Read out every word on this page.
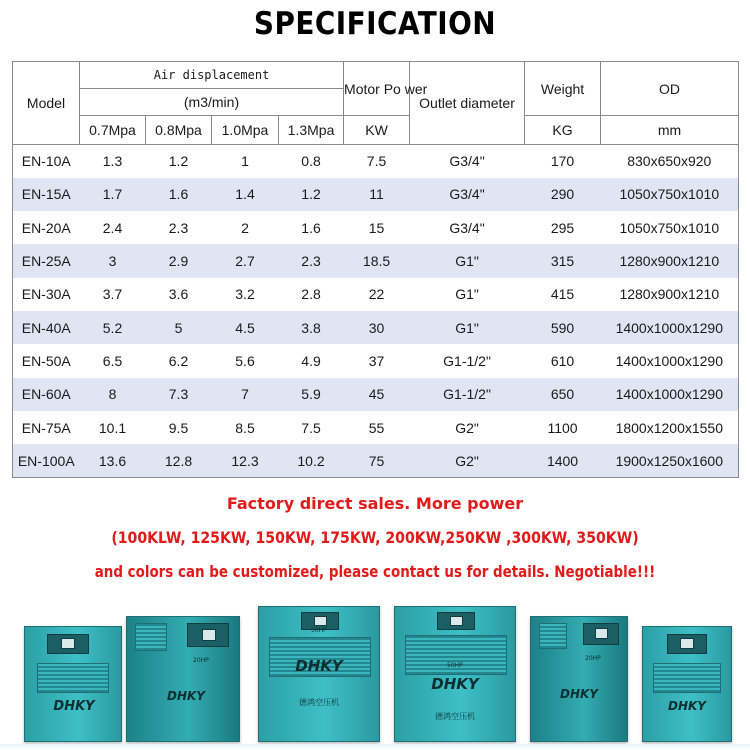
SPECIFICATION
Model	Air displacement				Motor Po wer	Outlet diameter	Weight	OD
	(m3/min)							
	0.7Mpa	0.8Mpa	1.0Mpa	1.3Mpa	KW		KG	mm
EN-10A	1.3	1.2	1	0.8	7.5	G3/4"	170	830x650x920
EN-15A	1.7	1.6	1.4	1.2	11	G3/4"	290	1050x750x1010
EN-20A	2.4	2.3	2	1.6	15	G3/4"	295	1050x750x1010
EN-25A	3	2.9	2.7	2.3	18.5	G1"	315	1280x900x1210
EN-30A	3.7	3.6	3.2	2.8	22	G1"	415	1280x900x1210
EN-40A	5.2	5	4.5	3.8	30	G1"	590	1400x1000x1290
EN-50A	6.5	6.2	5.6	4.9	37	G1-1/2"	610	1400x1000x1290
EN-60A	8	7.3	7	5.9	45	G1-1/2"	650	1400x1000x1290
EN-75A	10.1	9.5	8.5	7.5	55	G2"	1100	1800x1200x1550
EN-100A	13.6	12.8	12.3	10.2	75	G2"	1400	1900x1250x1600
Factory direct sales. More power
(100KLW, 125KW, 150KW, 175KW, 200KW,250KW ,300KW, 350KW)
and colors can be customized, please contact us for details. Negotiable!!!
DHKY
20HP
DHKY
50HP
DHKY
德鸿空压机
50HP
DHKY
德鸿空压机
20HP
DHKY
DHKY
